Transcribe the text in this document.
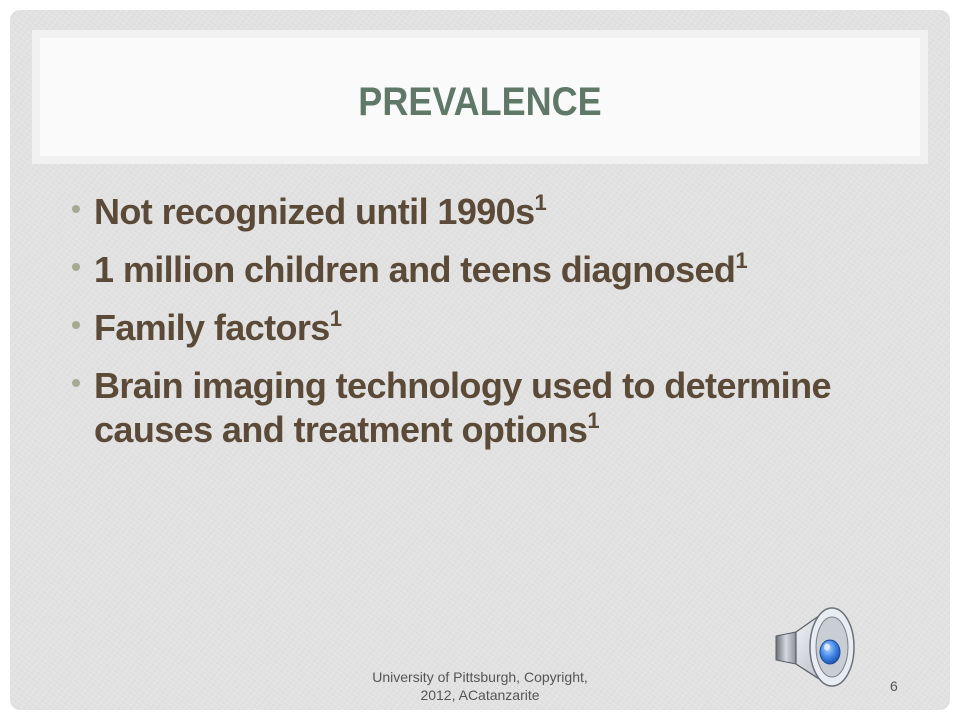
PREVALENCE
Not recognized until $1990s^1$
1 million children and teens diagnosed$^1$
Family factors$^1$
Brain imaging technology used to determine causes and treatment options$^1$
University of Pittsburgh, Copyright,
2012, ACatanzarite
6
